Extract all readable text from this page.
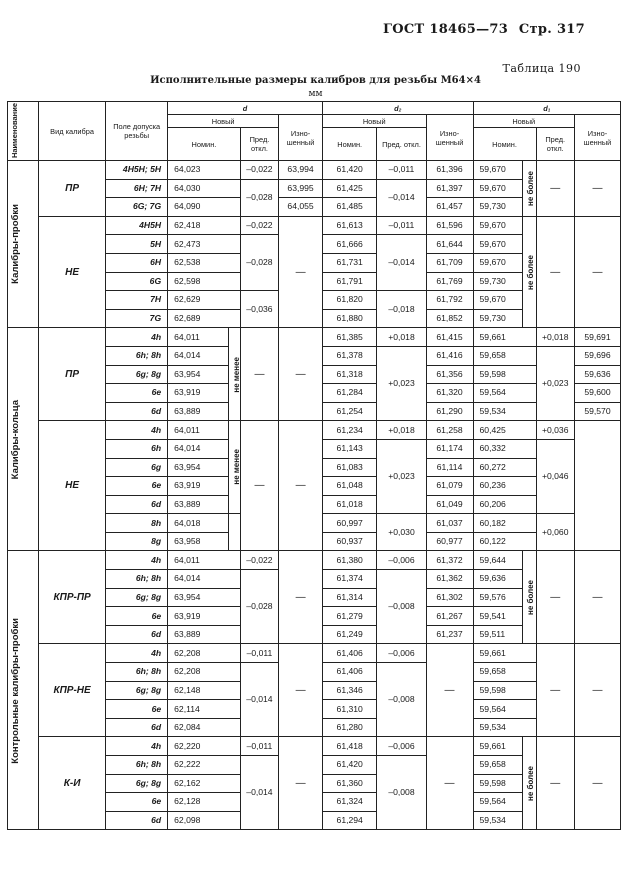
ГОСТ 18465—73 Стр. 317
Таблица 190
Исполнительные размеры калибров для резьбы M64×4
мм
Наименование	Вид калибра	Поле допуска резьбы	d				d₂			d₁			
			Новый			Изно-шенный	Новый		Изно-шенный	Новый			Изно-шенный
			Номин.		Пред. откл.		Номин.	Пред. откл.		Номин.		Пред. откл.	

Калибры-пробки	ПР	4H5H; 5H	64,023		–0,022	63,994	61,420	–0,011	61,396	59,670	не более	—	—
		6H; 7H	64,030		–0,028	63,995	61,425	–0,014	61,397	59,670			
		6G; 7G	64,090			64,055	61,485		61,457	59,730			
	НЕ	4H5H	62,418		–0,022	—	61,613	–0,011	61,596	59,670	не более	—	—
		5H	62,473		–0,028		61,666	–0,014	61,644	59,670			
		6H	62,538				61,731		61,709	59,670			
		6G	62,598				61,791		61,769	59,730			
		7H	62,629		–0,036		61,820	–0,018	61,792	59,670			
		7G	62,689				61,880		61,852	59,730			

Калибры-кольца	ПР	4h	64,011	не менее	—	—	61,385	+0,018	61,415	59,661		+0,018	59,691
		6h; 8h	64,014				61,378	+0,023	61,416	59,658		+0,023	59,696
		6g; 8g	63,954				61,318		61,356	59,598			59,636
		6e	63,919				61,284		61,320	59,564			59,600
		6d	63,889				61,254		61,290	59,534			59,570
	НЕ	4h	64,011	не менее	—	—	61,234	+0,018	61,258	60,425		+0,036	
		6h	64,014				61,143	+0,023	61,174	60,332		+0,046	
		6g	63,954				61,083		61,114	60,272			
		6e	63,919				61,048		61,079	60,236			
		6d	63,889				61,018		61,049	60,206			
		8h	64,018				60,997	+0,030	61,037	60,182		+0,060	
		8g	63,958				60,937		60,977	60,122			

Контрольные калибры-пробки	КПР-ПР	4h	64,011		–0,022	—	61,380	–0,006	61,372	59,644	не более	—	—
		6h; 8h	64,014		–0,028		61,374	–0,008	61,362	59,636			
		6g; 8g	63,954				61,314		61,302	59,576			
		6e	63,919				61,279		61,267	59,541			
		6d	63,889				61,249		61,237	59,511			
	КПР-НЕ	4h	62,208		–0,011	—	61,406	–0,006	—	59,661		—	—
		6h; 8h	62,208		–0,014		61,406	–0,008		59,658			
		6g; 8g	62,148				61,346			59,598			
		6e	62,114				61,310			59,564			
		6d	62,084				61,280			59,534			
	К-И	4h	62,220		–0,011	—	61,418	–0,006	—	59,661	не более	—	—
		6h; 8h	62,222		–0,014		61,420	–0,008		59,658			
		6g; 8g	62,162				61,360			59,598			
		6e	62,128				61,324			59,564			
		6d	62,098				61,294			59,534			
